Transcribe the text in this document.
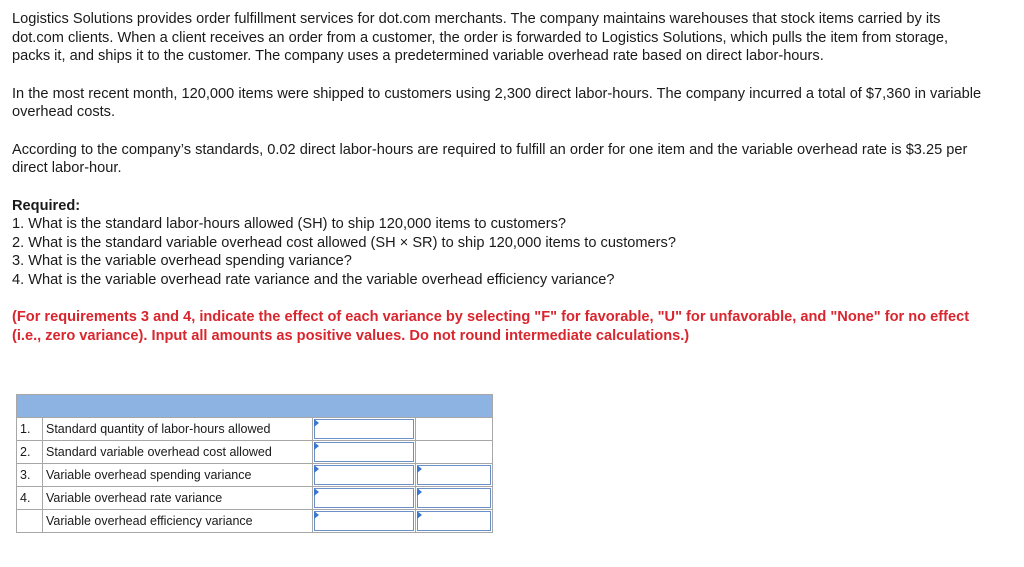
Logistics Solutions provides order fulfillment services for dot.com merchants. The company maintains warehouses that stock items carried by its dot.com clients. When a client receives an order from a customer, the order is forwarded to Logistics Solutions, which pulls the item from storage, packs it, and ships it to the customer. The company uses a predetermined variable overhead rate based on direct labor-hours.

In the most recent month, 120,000 items were shipped to customers using 2,300 direct labor-hours. The company incurred a total of $7,360 in variable overhead costs.

According to the company’s standards, 0.02 direct labor-hours are required to fulfill an order for one item and the variable overhead rate is $3.25 per direct labor-hour.

Required:

1. What is the standard labor-hours allowed (SH) to ship 120,000 items to customers?
2. What is the standard variable overhead cost allowed (SH × SR) to ship 120,000 items to customers?
3. What is the variable overhead spending variance?
4. What is the variable overhead rate variance and the variable overhead efficiency variance?

(For requirements 3 and 4, indicate the effect of each variance by selecting "F" for favorable, "U" for unfavorable, and "None" for no effect (i.e., zero variance). Input all amounts as positive values. Do not round intermediate calculations.)

1.	Standard quantity of labor-hours allowed	

2.	Standard variable overhead cost allowed	

3.	Variable overhead spending variance	

4.	Variable overhead rate variance	

	Variable overhead efficiency variance	
